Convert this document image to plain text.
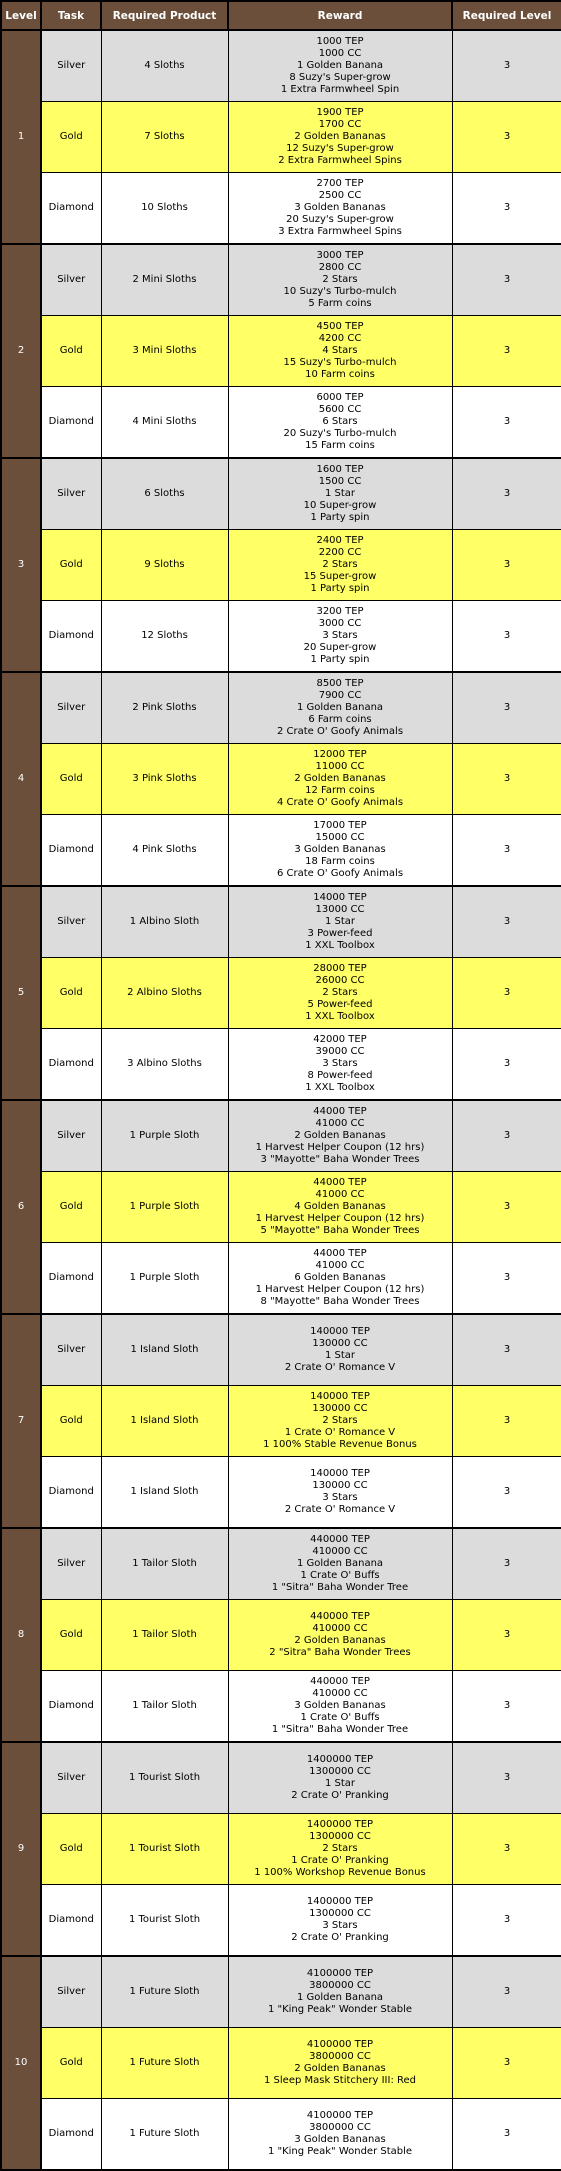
Level	Task	Required Product	Reward	Required Level
1	Silver	4 Sloths	1000 TEP
1000 CC
1 Golden Banana
8 Suzy's Super-grow
1 Extra Farmwheel Spin	3
	Gold	7 Sloths	1900 TEP
1700 CC
2 Golden Bananas
12 Suzy's Super-grow
2 Extra Farmwheel Spins	3
	Diamond	10 Sloths	2700 TEP
2500 CC
3 Golden Bananas
20 Suzy's Super-grow
3 Extra Farmwheel Spins	3
2	Silver	2 Mini Sloths	3000 TEP
2800 CC
2 Stars
10 Suzy's Turbo-mulch
5 Farm coins	3
	Gold	3 Mini Sloths	4500 TEP
4200 CC
4 Stars
15 Suzy's Turbo-mulch
10 Farm coins	3
	Diamond	4 Mini Sloths	6000 TEP
5600 CC
6 Stars
20 Suzy's Turbo-mulch
15 Farm coins	3
3	Silver	6 Sloths	1600 TEP
1500 CC
1 Star
10 Super-grow
1 Party spin	3
	Gold	9 Sloths	2400 TEP
2200 CC
2 Stars
15 Super-grow
1 Party spin	3
	Diamond	12 Sloths	3200 TEP
3000 CC
3 Stars
20 Super-grow
1 Party spin	3
4	Silver	2 Pink Sloths	8500 TEP
7900 CC
1 Golden Banana
6 Farm coins
2 Crate O' Goofy Animals	3
	Gold	3 Pink Sloths	12000 TEP
11000 CC
2 Golden Bananas
12 Farm coins
4 Crate O' Goofy Animals	3
	Diamond	4 Pink Sloths	17000 TEP
15000 CC
3 Golden Bananas
18 Farm coins
6 Crate O' Goofy Animals	3
5	Silver	1 Albino Sloth	14000 TEP
13000 CC
1 Star
3 Power-feed
1 XXL Toolbox	3
	Gold	2 Albino Sloths	28000 TEP
26000 CC
2 Stars
5 Power-feed
1 XXL Toolbox	3
	Diamond	3 Albino Sloths	42000 TEP
39000 CC
3 Stars
8 Power-feed
1 XXL Toolbox	3
6	Silver	1 Purple Sloth	44000 TEP
41000 CC
2 Golden Bananas
1 Harvest Helper Coupon (12 hrs)
3 "Mayotte" Baha Wonder Trees	3
	Gold	1 Purple Sloth	44000 TEP
41000 CC
4 Golden Bananas
1 Harvest Helper Coupon (12 hrs)
5 "Mayotte" Baha Wonder Trees	3
	Diamond	1 Purple Sloth	44000 TEP
41000 CC
6 Golden Bananas
1 Harvest Helper Coupon (12 hrs)
8 "Mayotte" Baha Wonder Trees	3
7	Silver	1 Island Sloth	140000 TEP
130000 CC
1 Star
2 Crate O' Romance V	3
	Gold	1 Island Sloth	140000 TEP
130000 CC
2 Stars
1 Crate O' Romance V
1 100% Stable Revenue Bonus	3
	Diamond	1 Island Sloth	140000 TEP
130000 CC
3 Stars
2 Crate O' Romance V	3
8	Silver	1 Tailor Sloth	440000 TEP
410000 CC
1 Golden Banana
1 Crate O' Buffs
1 "Sitra" Baha Wonder Tree	3
	Gold	1 Tailor Sloth	440000 TEP
410000 CC
2 Golden Bananas
2 "Sitra" Baha Wonder Trees	3
	Diamond	1 Tailor Sloth	440000 TEP
410000 CC
3 Golden Bananas
1 Crate O' Buffs
1 "Sitra" Baha Wonder Tree	3
9	Silver	1 Tourist Sloth	1400000 TEP
1300000 CC
1 Star
2 Crate O' Pranking	3
	Gold	1 Tourist Sloth	1400000 TEP
1300000 CC
2 Stars
1 Crate O' Pranking
1 100% Workshop Revenue Bonus	3
	Diamond	1 Tourist Sloth	1400000 TEP
1300000 CC
3 Stars
2 Crate O' Pranking	3
10	Silver	1 Future Sloth	4100000 TEP
3800000 CC
1 Golden Banana
1 "King Peak" Wonder Stable	3
	Gold	1 Future Sloth	4100000 TEP
3800000 CC
2 Golden Bananas
1 Sleep Mask Stitchery III: Red	3
	Diamond	1 Future Sloth	4100000 TEP
3800000 CC
3 Golden Bananas
1 "King Peak" Wonder Stable	3
